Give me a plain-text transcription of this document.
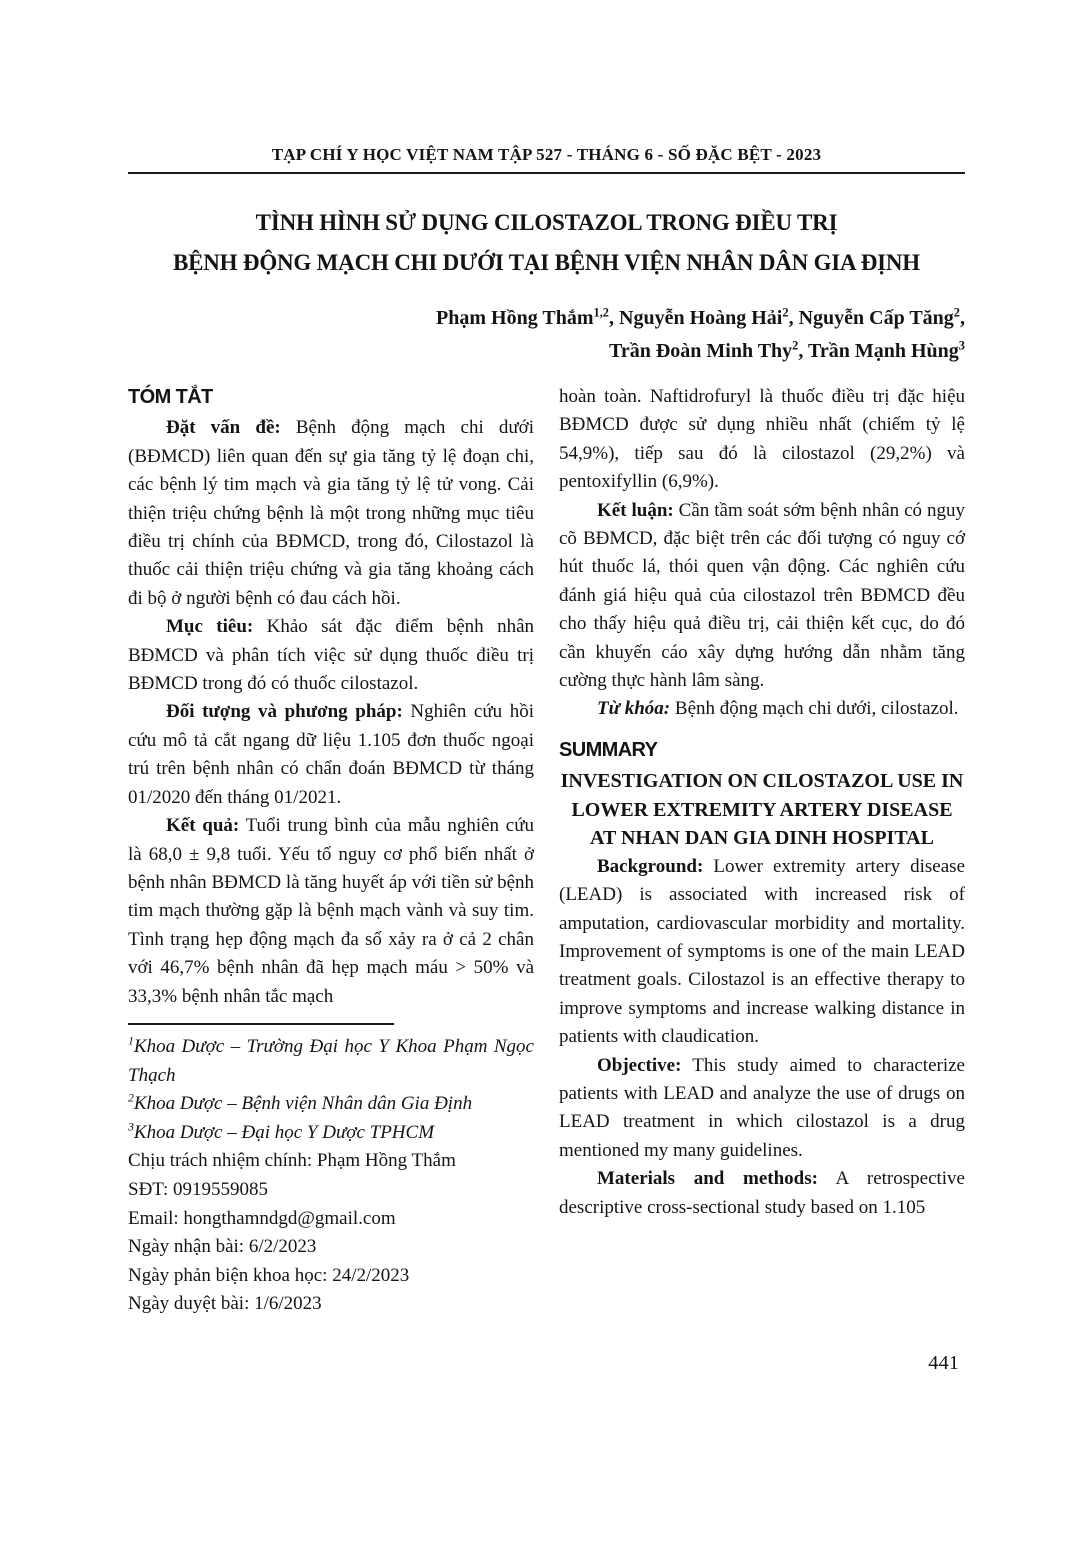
TẠP CHÍ Y HỌC VIỆT NAM TẬP 527 - THÁNG 6 - SỐ ĐẶC BỆT - 2023
TÌNH HÌNH SỬ DỤNG CILOSTAZOL TRONG ĐIỀU TRỊ
BỆNH ĐỘNG MẠCH CHI DƯỚI TẠI BỆNH VIỆN NHÂN DÂN GIA ĐỊNH
Phạm Hồng Thắm$^{1,2}$, Nguyễn Hoàng Hải$^2$, Nguyễn Cấp Tăng$^2$,
Trần Đoàn Minh Thy$^2$, Trần Mạnh Hùng$^3$
TÓM TẮT

Đặt vấn đề: Bệnh động mạch chi dưới (BĐMCD) liên quan đến sự gia tăng tỷ lệ đoạn chi, các bệnh lý tim mạch và gia tăng tỷ lệ tử vong. Cải thiện triệu chứng bệnh là một trong những mục tiêu điều trị chính của BĐMCD, trong đó, Cilostazol là thuốc cải thiện triệu chứng và gia tăng khoảng cách đi bộ ở người bệnh có đau cách hồi.

Mục tiêu: Khảo sát đặc điểm bệnh nhân BĐMCD và phân tích việc sử dụng thuốc điều trị BĐMCD trong đó có thuốc cilostazol.

Đối tượng và phương pháp: Nghiên cứu hồi cứu mô tả cắt ngang dữ liệu 1.105 đơn thuốc ngoại trú trên bệnh nhân có chẩn đoán BĐMCD từ tháng 01/2020 đến tháng 01/2021.

Kết quả: Tuổi trung bình của mẫu nghiên cứu là 68,0 ± 9,8 tuổi. Yếu tố nguy cơ phổ biến nhất ở bệnh nhân BĐMCD là tăng huyết áp với tiền sử bệnh tim mạch thường gặp là bệnh mạch vành và suy tim. Tình trạng hẹp động mạch đa số xảy ra ở cả 2 chân với 46,7% bệnh nhân đã hẹp mạch máu > 50% và 33,3% bệnh nhân tắc mạch

$^1$Khoa Dược – Trường Đại học Y Khoa Phạm Ngọc Thạch
$^2$Khoa Dược – Bệnh viện Nhân dân Gia Định
$^3$Khoa Dược – Đại học Y Dược TPHCM
Chịu trách nhiệm chính: Phạm Hồng Thắm
SĐT: 0919559085
Email: hongthamndgd@gmail.com
Ngày nhận bài: 6/2/2023
Ngày phản biện khoa học: 24/2/2023
Ngày duyệt bài: 1/6/2023

hoàn toàn. Naftidrofuryl là thuốc điều trị đặc hiệu BĐMCD được sử dụng nhiều nhất (chiếm tỷ lệ 54,9%), tiếp sau đó là cilostazol (29,2%) và pentoxifyllin (6,9%).

Kết luận: Cần tầm soát sớm bệnh nhân có nguy cõ BĐMCD, đặc biệt trên các đối tượng có nguy cớ hút thuốc lá, thói quen vận động. Các nghiên cứu đánh giá hiệu quả của cilostazol trên BĐMCD đều cho thấy hiệu quả điều trị, cải thiện kết cục, do đó cần khuyến cáo xây dựng hướng dẫn nhằm tăng cường thực hành lâm sàng.

Từ khóa: Bệnh động mạch chi dưới, cilostazol.

SUMMARY

INVESTIGATION ON CILOSTAZOL USE IN LOWER EXTREMITY ARTERY DISEASE AT NHAN DAN GIA DINH HOSPITAL

Background: Lower extremity artery disease (LEAD) is associated with increased risk of amputation, cardiovascular morbidity and mortality. Improvement of symptoms is one of the main LEAD treatment goals. Cilostazol is an effective therapy to improve symptoms and increase walking distance in patients with claudication.

Objective: This study aimed to characterize patients with LEAD and analyze the use of drugs on LEAD treatment in which cilostazol is a drug mentioned my many guidelines.

Materials and methods: A retrospective descriptive cross-sectional study based on 1.105

441
